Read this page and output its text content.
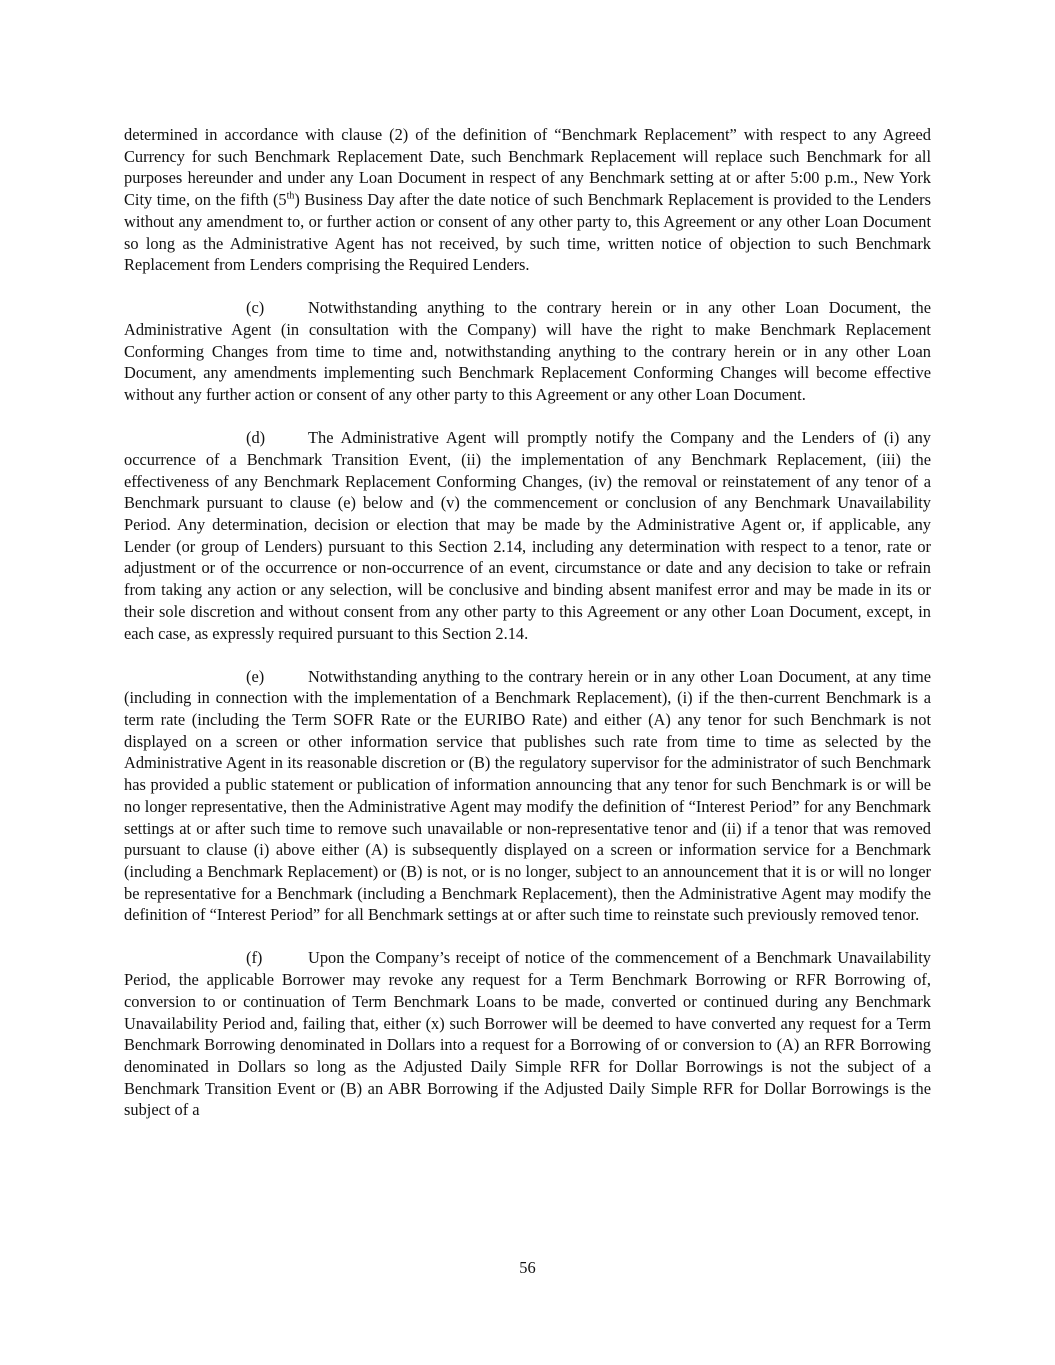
determined in accordance with clause (2) of the definition of “Benchmark Replacement” with respect to any Agreed Currency for such Benchmark Replacement Date, such Benchmark Replacement will replace such Benchmark for all purposes hereunder and under any Loan Document in respect of any Benchmark setting at or after 5:00 p.m., New York City time, on the fifth (5th) Business Day after the date notice of such Benchmark Replacement is provided to the Lenders without any amendment to, or further action or consent of any other party to, this Agreement or any other Loan Document so long as the Administrative Agent has not received, by such time, written notice of objection to such Benchmark Replacement from Lenders comprising the Required Lenders.

(c)	Notwithstanding anything to the contrary herein or in any other Loan Document, the Administrative Agent (in consultation with the Company) will have the right to make Benchmark Replacement Conforming Changes from time to time and, notwithstanding anything to the contrary herein or in any other Loan Document, any amendments implementing such Benchmark Replacement Conforming Changes will become effective without any further action or consent of any other party to this Agreement or any other Loan Document.

(d)	The Administrative Agent will promptly notify the Company and the Lenders of (i) any occurrence of a Benchmark Transition Event, (ii) the implementation of any Benchmark Replacement, (iii) the effectiveness of any Benchmark Replacement Conforming Changes, (iv) the removal or reinstatement of any tenor of a Benchmark pursuant to clause (e) below and (v) the commencement or conclusion of any Benchmark Unavailability Period. Any determination, decision or election that may be made by the Administrative Agent or, if applicable, any Lender (or group of Lenders) pursuant to this Section 2.14, including any determination with respect to a tenor, rate or adjustment or of the occurrence or non-occurrence of an event, circumstance or date and any decision to take or refrain from taking any action or any selection, will be conclusive and binding absent manifest error and may be made in its or their sole discretion and without consent from any other party to this Agreement or any other Loan Document, except, in each case, as expressly required pursuant to this Section 2.14.

(e)	Notwithstanding anything to the contrary herein or in any other Loan Document, at any time (including in connection with the implementation of a Benchmark Replacement), (i) if the then-current Benchmark is a term rate (including the Term SOFR Rate or the EURIBO Rate) and either (A) any tenor for such Benchmark is not displayed on a screen or other information service that publishes such rate from time to time as selected by the Administrative Agent in its reasonable discretion or (B) the regulatory supervisor for the administrator of such Benchmark has provided a public statement or publication of information announcing that any tenor for such Benchmark is or will be no longer representative, then the Administrative Agent may modify the definition of “Interest Period” for any Benchmark settings at or after such time to remove such unavailable or non-representative tenor and (ii) if a tenor that was removed pursuant to clause (i) above either (A) is subsequently displayed on a screen or information service for a Benchmark (including a Benchmark Replacement) or (B) is not, or is no longer, subject to an announcement that it is or will no longer be representative for a Benchmark (including a Benchmark Replacement), then the Administrative Agent may modify the definition of “Interest Period” for all Benchmark settings at or after such time to reinstate such previously removed tenor.

(f)	Upon the Company’s receipt of notice of the commencement of a Benchmark Unavailability Period, the applicable Borrower may revoke any request for a Term Benchmark Borrowing or RFR Borrowing of, conversion to or continuation of Term Benchmark Loans to be made, converted or continued during any Benchmark Unavailability Period and, failing that, either (x) such Borrower will be deemed to have converted any request for a Term Benchmark Borrowing denominated in Dollars into a request for a Borrowing of or conversion to (A) an RFR Borrowing denominated in Dollars so long as the Adjusted Daily Simple RFR for Dollar Borrowings is not the subject of a Benchmark Transition Event or (B) an ABR Borrowing if the Adjusted Daily Simple RFR for Dollar Borrowings is the subject of a

56
